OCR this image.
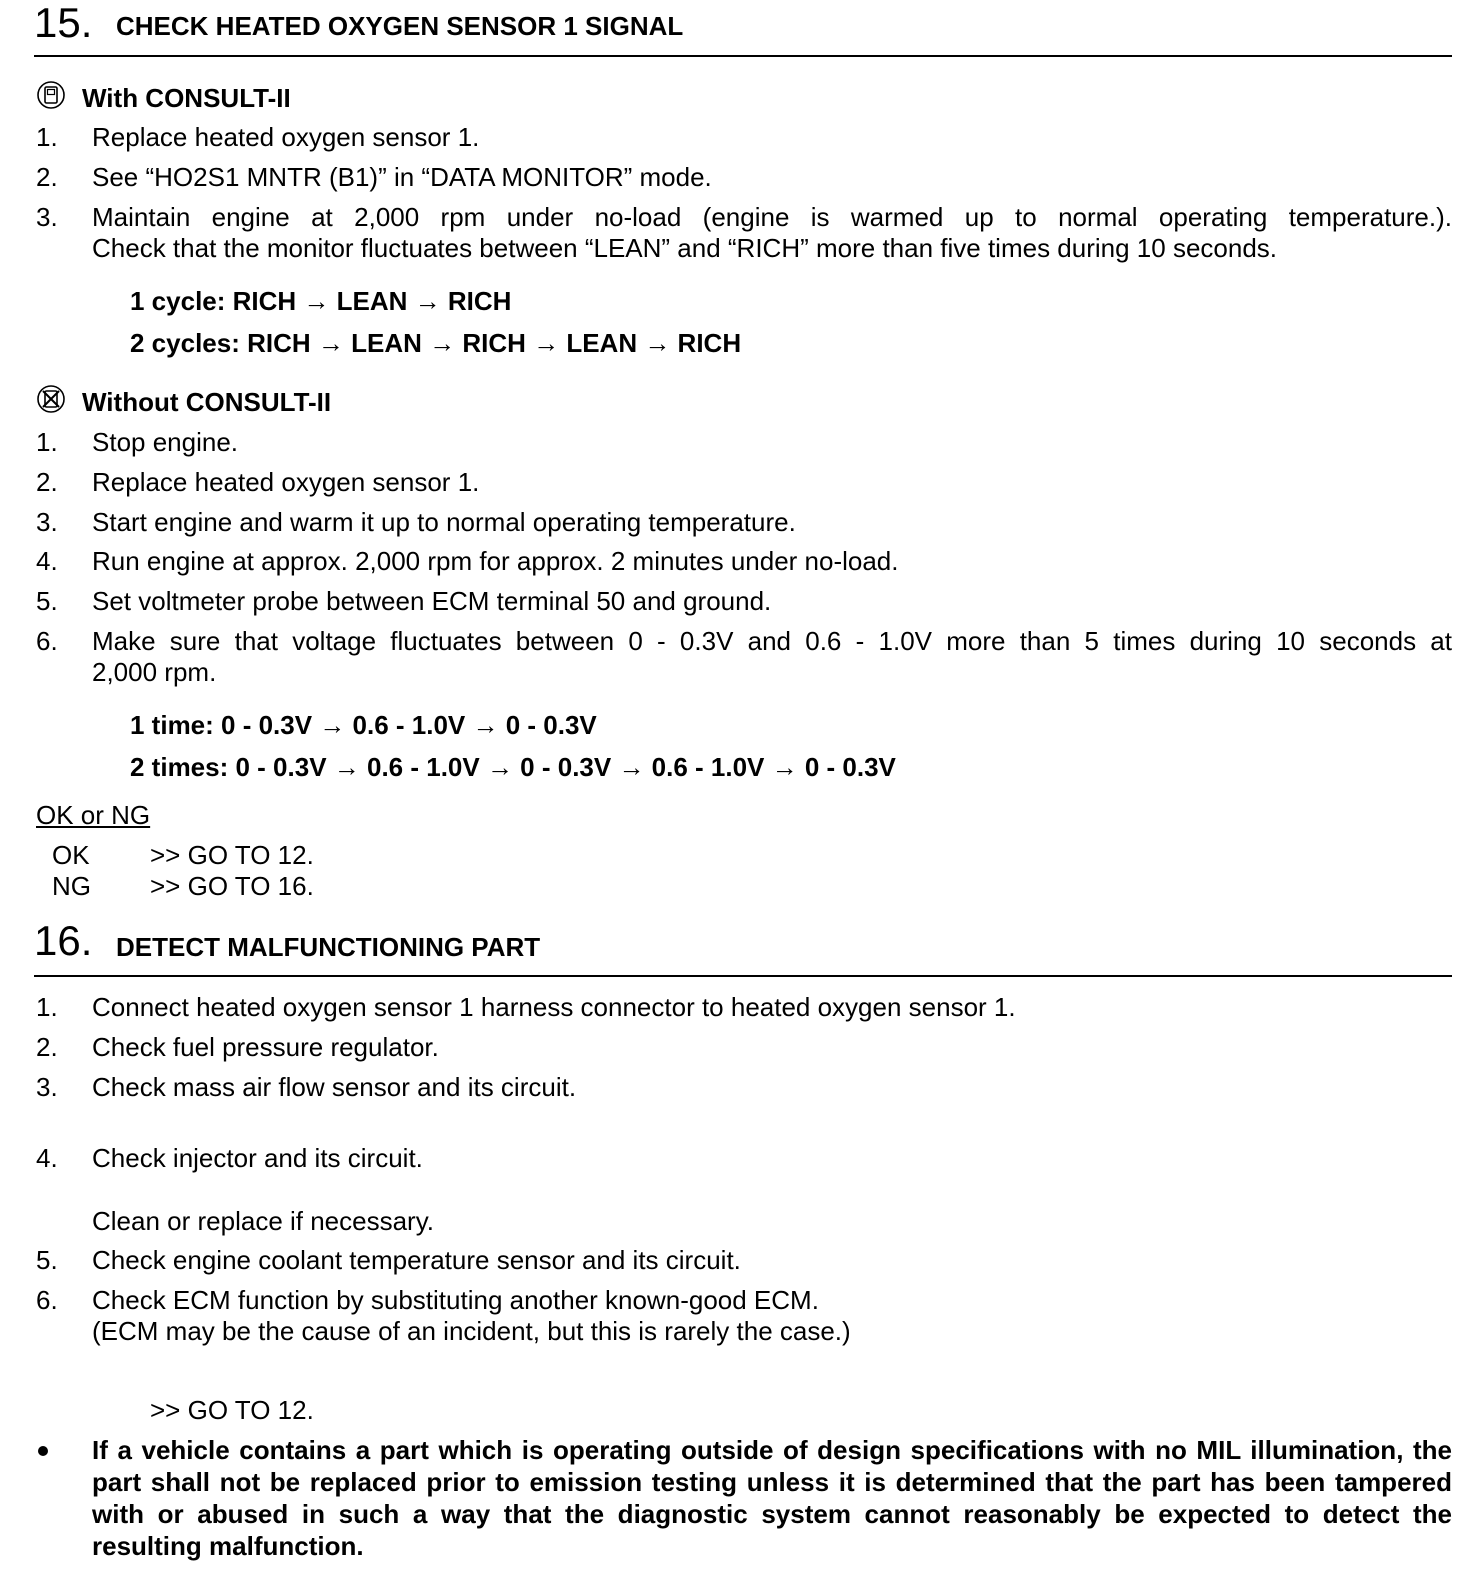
15. CHECK HEATED OXYGEN SENSOR 1 SIGNAL
With CONSULT-II
1. Replace heated oxygen sensor 1.
2. See “HO2S1 MNTR (B1)” in “DATA MONITOR” mode.
3. Maintain engine at 2,000 rpm under no-load (engine is warmed up to normal operating temperature.).
Check that the monitor fluctuates between “LEAN” and “RICH” more than five times during 10 seconds.
1 cycle: RICH → LEAN → RICH
2 cycles: RICH → LEAN → RICH → LEAN → RICH
Without CONSULT-II
1. Stop engine.
2. Replace heated oxygen sensor 1.
3. Start engine and warm it up to normal operating temperature.
4. Run engine at approx. 2,000 rpm for approx. 2 minutes under no-load.
5. Set voltmeter probe between ECM terminal 50 and ground.
6. Make sure that voltage fluctuates between 0 - 0.3V and 0.6 - 1.0V more than 5 times during 10 seconds at
2,000 rpm.
1 time: 0 - 0.3V → 0.6 - 1.0V → 0 - 0.3V
2 times: 0 - 0.3V → 0.6 - 1.0V → 0 - 0.3V → 0.6 - 1.0V → 0 - 0.3V
OK or NG
OK >> GO TO 12.
NG >> GO TO 16.
16. DETECT MALFUNCTIONING PART
1. Connect heated oxygen sensor 1 harness connector to heated oxygen sensor 1.
2. Check fuel pressure regulator.
3. Check mass air flow sensor and its circuit.
4. Check injector and its circuit.
Clean or replace if necessary.
5. Check engine coolant temperature sensor and its circuit.
6. Check ECM function by substituting another known-good ECM.
(ECM may be the cause of an incident, but this is rarely the case.)
>> GO TO 12.
If a vehicle contains a part which is operating outside of design specifications with no MIL illumination, the part shall not be replaced prior to emission testing unless it is determined that the part has been tampered with or abused in such a way that the diagnostic system cannot reasonably be expected to detect the resulting malfunction.
